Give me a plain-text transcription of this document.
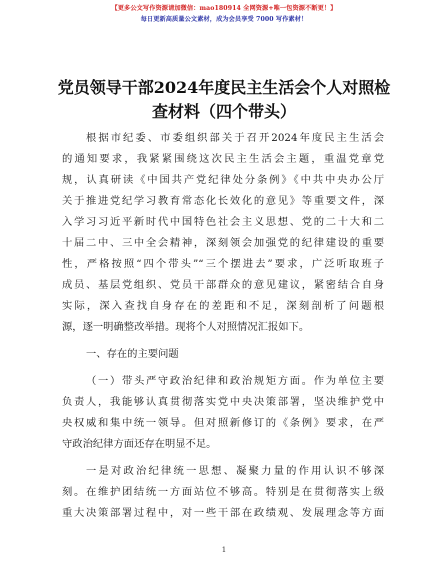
【更多公文写作资源请加微信：mao180914 全网资源+唯一包资源不断更！】
每日更新高质量公文素材，成为会员享受 7000 写作素材！
党员领导干部2024年度民主生活会个人对照检
查材料（四个带头）
根据市纪委、市委组织部关于召开2024年度民主生活会
的通知要求，我紧紧围绕这次民主生活会主题，重温党章党
规，认真研读《中国共产党纪律处分条例》《中共中央办公厅
关于推进党纪学习教育常态化长效化的意见》等重要文件，深
入学习习近平新时代中国特色社会主义思想、党的二十大和二
十届二中、三中全会精神，深刻领会加强党的纪律建设的重要
性，严格按照“四个带头”“三个摆进去”要求，广泛听取班子
成员、基层党组织、党员干部群众的意见建议，紧密结合自身
实际，深入查找自身存在的差距和不足，深刻剖析了问题根
源，逐一明确整改举措。现将个人对照情况汇报如下。
一、存在的主要问题
（一）带头严守政治纪律和政治规矩方面。作为单位主要
负责人，我能够认真贯彻落实党中央决策部署，坚决维护党中
央权威和集中统一领导。但对照新修订的《条例》要求，在严
守政治纪律方面还存在明显不足。
一是对政治纪律统一思想、凝聚力量的作用认识不够深
刻。在维护团结统一方面站位不够高。特别是在贯彻落实上级
重大决策部署过程中，对一些干部在政绩观、发展理念等方面
1
